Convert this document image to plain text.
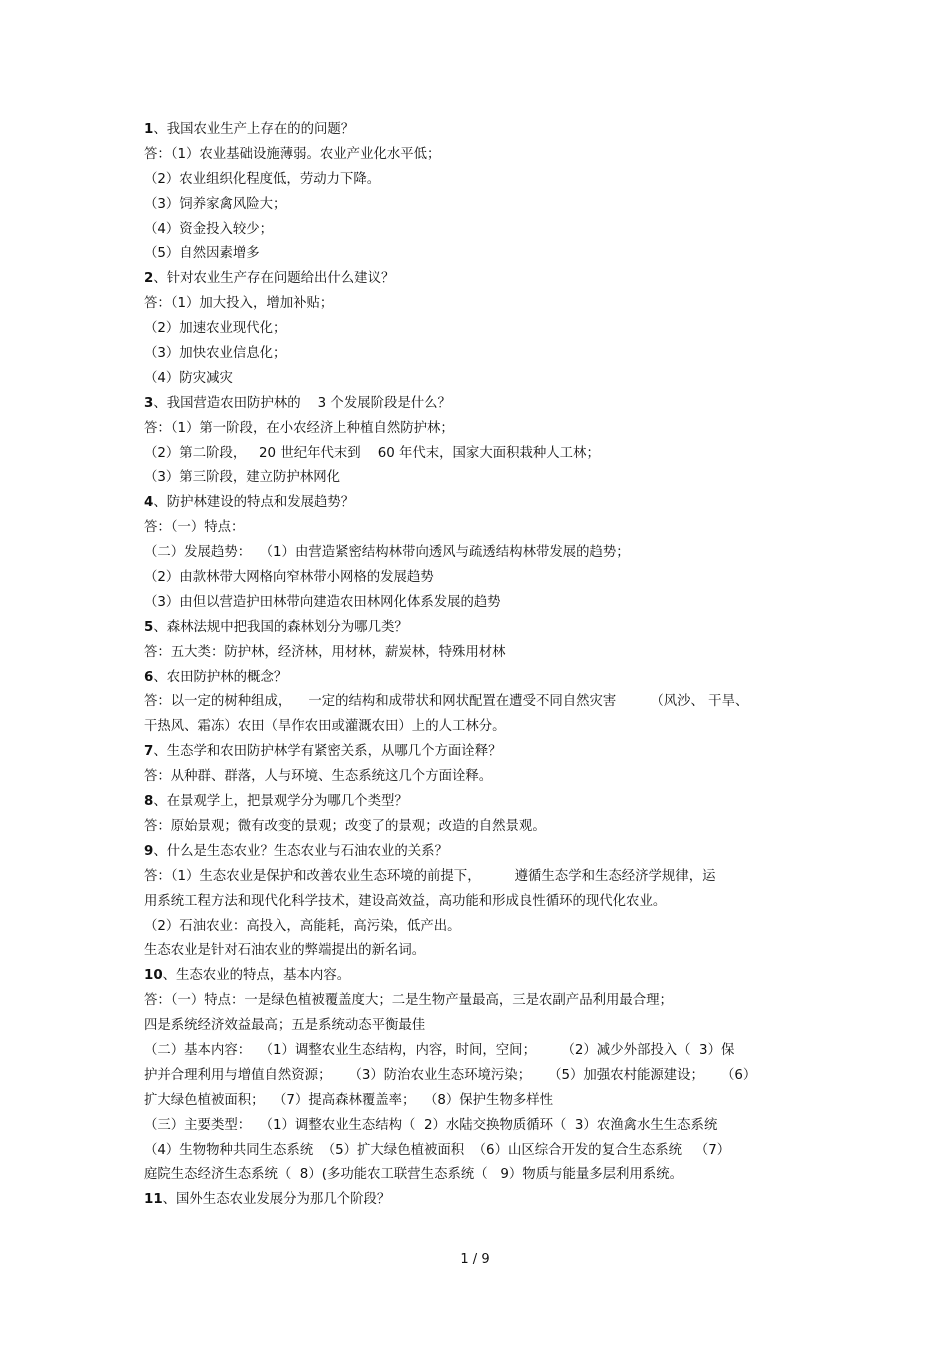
1、我国农业生产上存在的的问题？
答：（1）农业基础设施薄弱。农业产业化水平低；
（2）农业组织化程度低，劳动力下降。
（3）饲养家禽风险大；
（4）资金投入较少；
（5）自然因素增多
2、针对农业生产存在问题给出什么建议？
答：（1）加大投入，增加补贴；
（2）加速农业现代化；
（3）加快农业信息化；
（4）防灾减灾
3、我国营造农田防护林的    3 个发展阶段是什么？
答：（1）第一阶段，在小农经济上种植自然防护林；
（2）第二阶段，   20 世纪年代末到    60 年代末，国家大面积栽种人工林；
（3）第三阶段，建立防护林网化
4、防护林建设的特点和发展趋势？
答：（一）特点：
（二）发展趋势：  （1）由营造紧密结构林带向透风与疏透结构林带发展的趋势；
（2）由款林带大网格向窄林带小网格的发展趋势
（3）由但以营造护田林带向建造农田林网化体系发展的趋势
5、森林法规中把我国的森林划分为哪几类？
答：五大类：防护林，经济林，用材林，薪炭林，特殊用材林
6、农田防护林的概念？
答：以一定的树种组成，    一定的结构和成带状和网状配置在遭受不同自然灾害        （风沙、 干旱、
干热风、霜冻）农田（旱作农田或灌溉农田）上的人工林分。
7、生态学和农田防护林学有紧密关系，从哪几个方面诠释？
答：从种群、群落，人与环境、生态系统这几个方面诠释。
8、在景观学上，把景观学分为哪几个类型？
答：原始景观；微有改变的景观；改变了的景观；改造的自然景观。
9、什么是生态农业？生态农业与石油农业的关系？
答：（1）生态农业是保护和改善农业生态环境的前提下，        遵循生态学和生态经济学规律，运
用系统工程方法和现代化科学技术，建设高效益，高功能和形成良性循环的现代化农业。
（2）石油农业：高投入，高能耗，高污染，低产出。
生态农业是针对石油农业的弊端提出的新名词。
10、生态农业的特点，基本内容。
答：（一）特点：一是绿色植被覆盖度大；二是生物产量最高，三是农副产品利用最合理；
四是系统经济效益最高；五是系统动态平衡最佳
（二）基本内容：  （1）调整农业生态结构，内容，时间，空间；      （2）减少外部投入（  3）保
护并合理利用与增值自然资源；    （3）防治农业生态环境污染；    （5）加强农村能源建设；    （6）
扩大绿色植被面积；  （7）提高森林覆盖率；  （8）保护生物多样性
（三）主要类型：  （1）调整农业生态结构（  2）水陆交换物质循环（  3）农渔禽水生生态系统
（4）生物物种共同生态系统  （5）扩大绿色植被面积  （6）山区综合开发的复合生态系统   （7）
庭院生态经济生态系统（  8）(多功能农工联营生态系统（   9）物质与能量多层利用系统。
11、国外生态农业发展分为那几个阶段？
1 / 9
